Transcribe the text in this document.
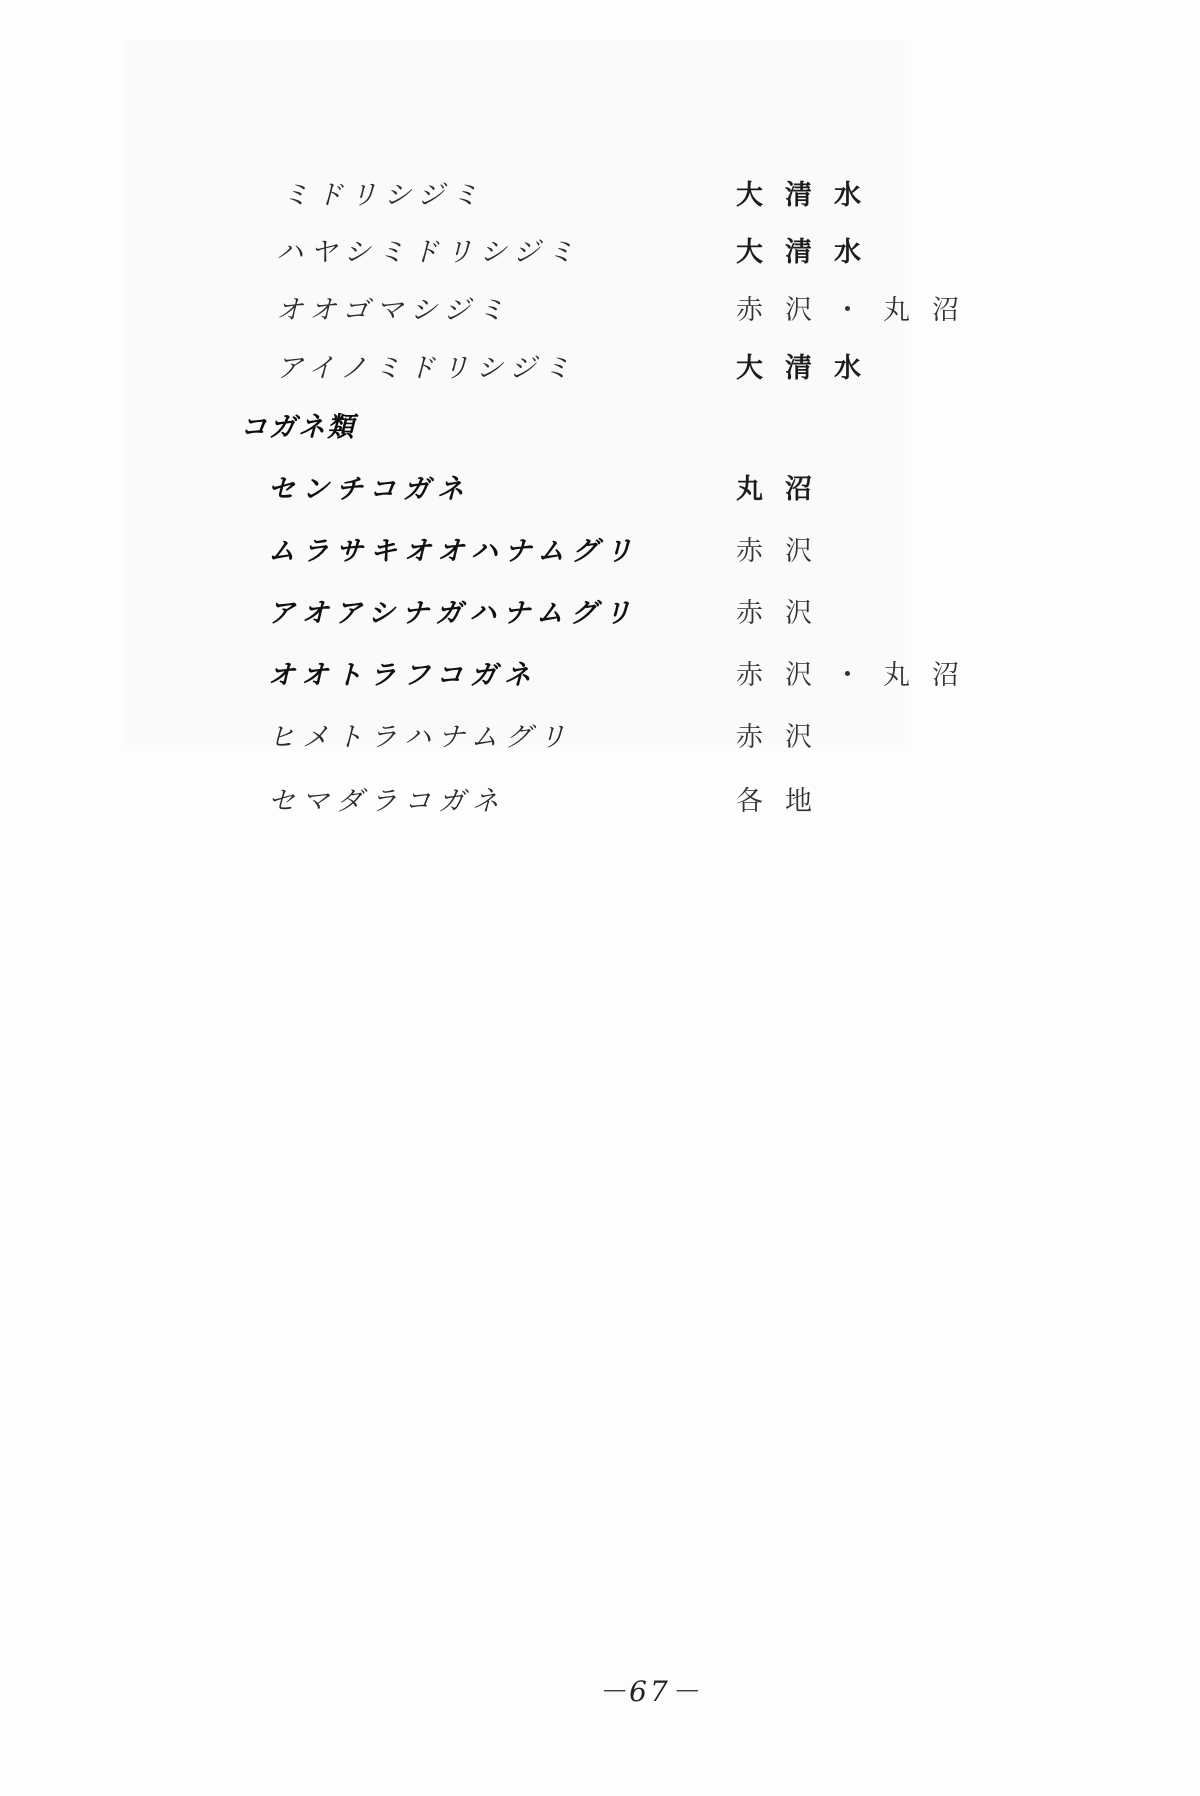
ミドリシジミ	大清水
ハヤシミドリシジミ	大清水
オオゴマシジミ	赤沢・丸沼
アイノミドリシジミ	大清水
コガネ類
センチコガネ	丸沼
ムラサキオオハナムグリ	赤沢
アオアシナガハナムグリ	赤沢
オオトラフコガネ	赤沢・丸沼
ヒメトラハナムグリ	赤沢
セマダラコガネ	各地
－67－
